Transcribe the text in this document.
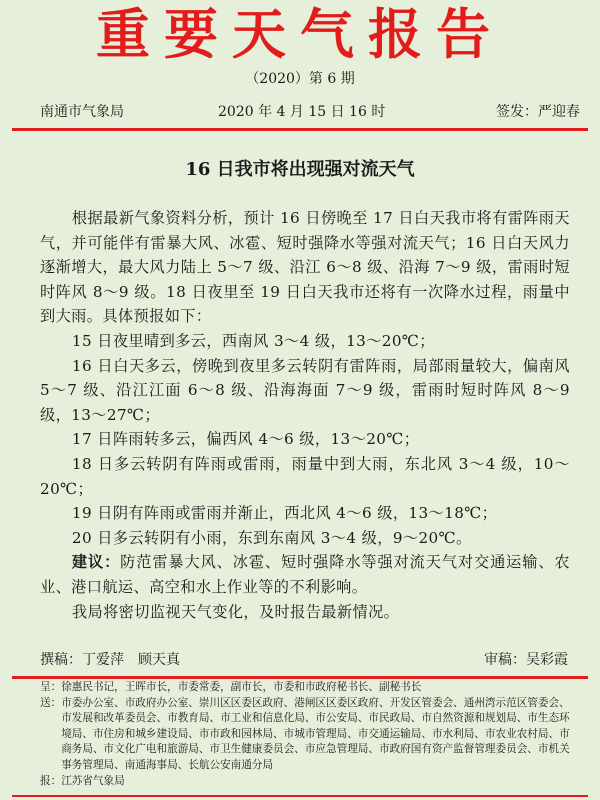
重要天气报告
（2020）第 6 期
南通市气象局	2020 年 4 月 15 日 16 时	签发：严迎春
16 日我市将出现强对流天气

根据最新气象资料分析，预计 16 日傍晚至 17 日白天我市将有雷阵雨天气，并可能伴有雷暴大风、冰雹、短时强降水等强对流天气；16 日白天风力逐渐增大，最大风力陆上 5～7 级、沿江 6～8 级、沿海 7～9 级，雷雨时短时阵风 8～9 级。18 日夜里至 19 日白天我市还将有一次降水过程，雨量中到大雨。具体预报如下：

15 日夜里晴到多云，西南风 3～4 级，13～20℃；

16 日白天多云，傍晚到夜里多云转阴有雷阵雨，局部雨量较大，偏南风 5～7 级、沿江江面 6～8 级、沿海海面 7～9 级，雷雨时短时阵风 8～9 级，13～27℃；

17 日阵雨转多云，偏西风 4～6 级，13～20℃；

18 日多云转阴有阵雨或雷雨，雨量中到大雨，东北风 3～4 级，10～20℃；

19 日阴有阵雨或雷雨并渐止，西北风 4～6 级，13～18℃；

20 日多云转阴有小雨，东到东南风 3～4 级，9～20℃。

建议：防范雷暴大风、冰雹、短时强降水等强对流天气对交通运输、农业、港口航运、高空和水上作业等的不利影响。

我局将密切监视天气变化，及时报告最新情况。

撰稿：丁爱萍　顾天真	审稿：吴彩霞
呈： 徐惠民书记，王晖市长，市委常委，副市长，市委和市政府秘书长、副秘书长
送： 市委办公室、市政府办公室、崇川区区委区政府、港闸区区委区政府、开发区管委会、通州湾示范区管委会、市发展和改革委员会、市教育局、市工业和信息化局、市公安局、市民政局、市自然资源和规划局、市生态环境局、市住房和城乡建设局、市市政和园林局、市城市管理局、市交通运输局、市水利局、市农业农村局、市商务局、市文化广电和旅游局、市卫生健康委员会、市应急管理局、市政府国有资产监督管理委员会、市机关事务管理局、南通海事局、长航公安南通分局
报： 江苏省气象局
